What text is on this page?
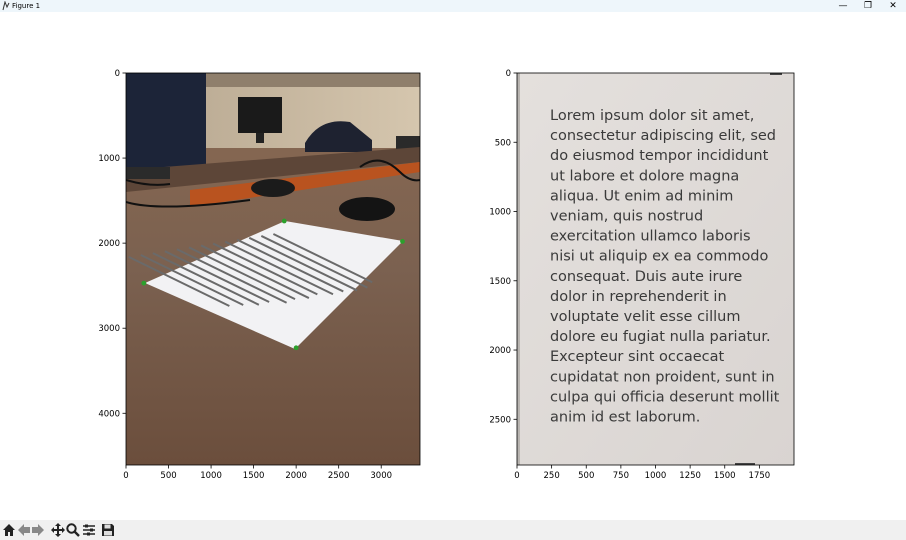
Figure 1	—	❐	✕
0	500	1000 1500 2000 2500 3000
0
1000
2000
3000
4000
Lorem ipsum dolor sit amet,
consectetur adipiscing elit, sed
do eiusmod tempor incididunt
ut labore et dolore magna
aliqua. Ut enim ad minim
veniam, quis nostrud
exercitation ullamco laboris
nisi ut aliquip ex ea commodo
consequat. Duis aute irure
dolor in reprehenderit in
voluptate velit esse cillum
dolore eu fugiat nulla pariatur.
Excepteur sint occaecat
cupidatat non proident, sunt in
culpa qui officia deserunt mollit
anim id est laborum.
0	250 500 750 1000 1250 1500 1750
0
500
1000
1500
2000
2500
